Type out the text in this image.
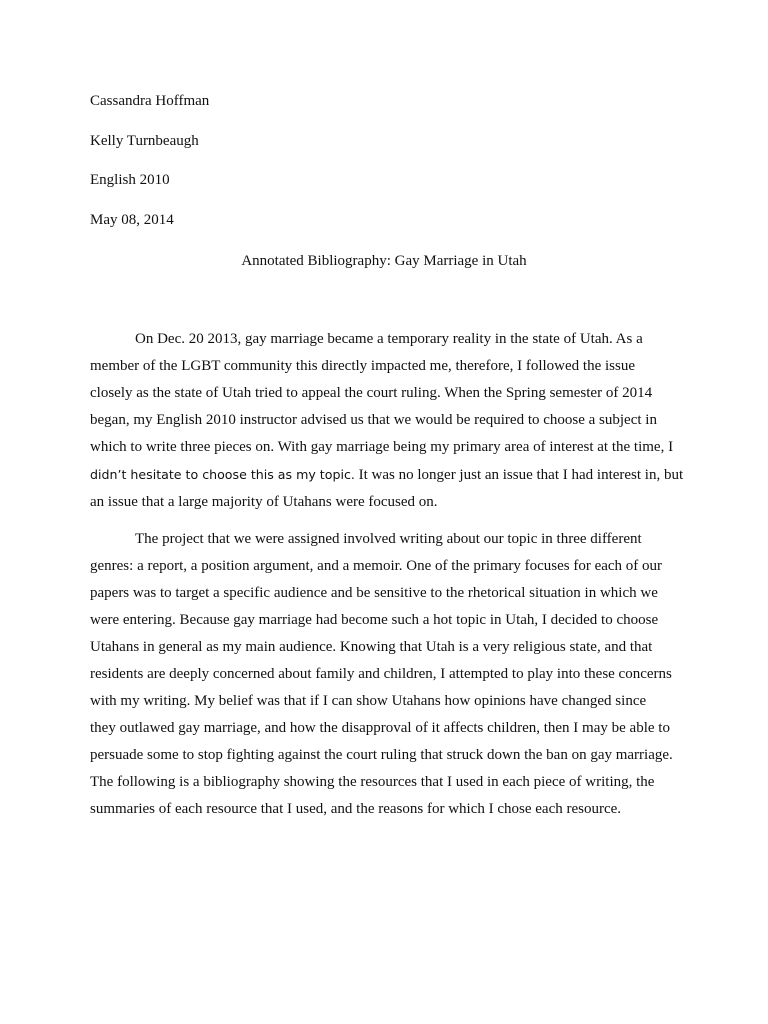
Cassandra Hoffman

Kelly Turnbeaugh

English 2010

May 08, 2014

Annotated Bibliography: Gay Marriage in Utah

On Dec. 20 2013, gay marriage became a temporary reality in the state of Utah. As a
member of the LGBT community this directly impacted me, therefore, I followed the issue
closely as the state of Utah tried to appeal the court ruling. When the Spring semester of 2014
began, my English 2010 instructor advised us that we would be required to choose a subject in
which to write three pieces on. With gay marriage being my primary area of interest at the time, I
didn’t hesitate to choose this as my topic. It was no longer just an issue that I had interest in, but
an issue that a large majority of Utahans were focused on.

The project that we were assigned involved writing about our topic in three different
genres: a report, a position argument, and a memoir. One of the primary focuses for each of our
papers was to target a specific audience and be sensitive to the rhetorical situation in which we
were entering. Because gay marriage had become such a hot topic in Utah, I decided to choose
Utahans in general as my main audience. Knowing that Utah is a very religious state, and that
residents are deeply concerned about family and children, I attempted to play into these concerns
with my writing. My belief was that if I can show Utahans how opinions have changed since
they outlawed gay marriage, and how the disapproval of it affects children, then I may be able to
persuade some to stop fighting against the court ruling that struck down the ban on gay marriage.
The following is a bibliography showing the resources that I used in each piece of writing, the
summaries of each resource that I used, and the reasons for which I chose each resource.
